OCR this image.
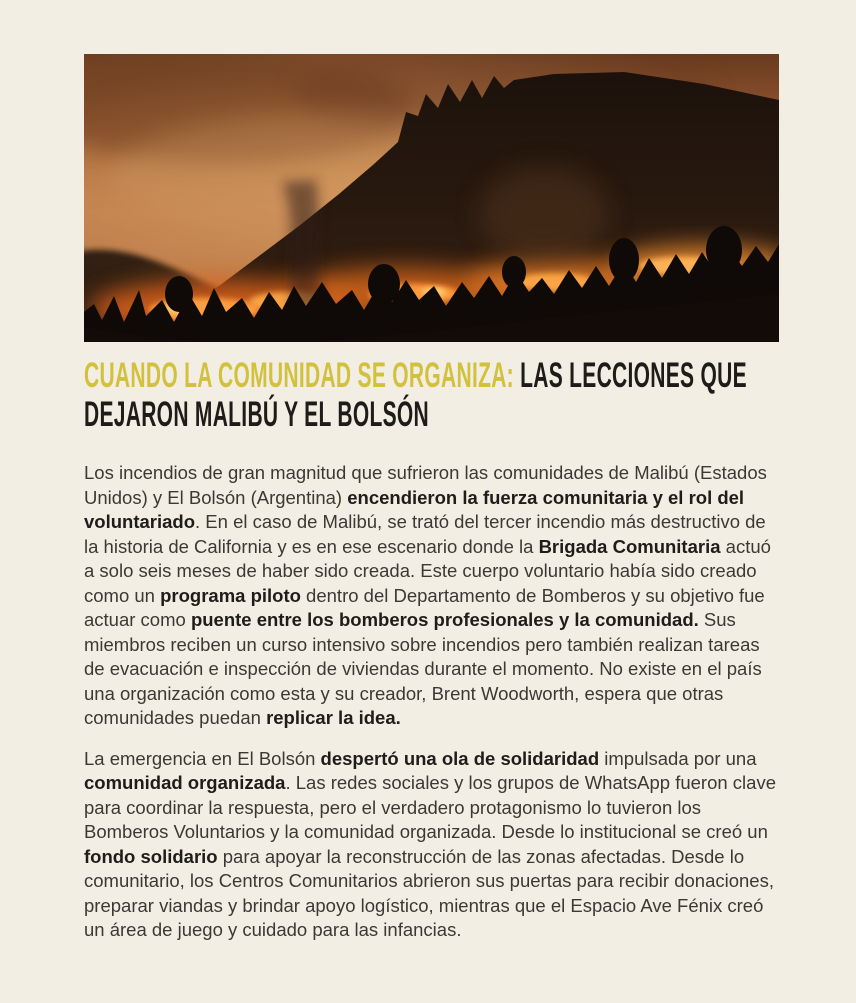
CUANDO LA COMUNIDAD SE ORGANIZA: LAS LECCIONES QUE DEJARON MALIBÚ Y EL BOLSÓN

Los incendios de gran magnitud que sufrieron las comunidades de Malibú (Estados Unidos) y El Bolsón (Argentina) encendieron la fuerza comunitaria y el rol del voluntariado. En el caso de Malibú, se trató del tercer incendio más destructivo de la historia de California y es en ese escenario donde la Brigada Comunitaria actuó a solo seis meses de haber sido creada. Este cuerpo voluntario había sido creado como un programa piloto dentro del Departamento de Bomberos y su objetivo fue actuar como puente entre los bomberos profesionales y la comunidad. Sus miembros reciben un curso intensivo sobre incendios pero también realizan tareas de evacuación e inspección de viviendas durante el momento. No existe en el país una organización como esta y su creador, Brent Woodworth, espera que otras comunidades puedan replicar la idea.

La emergencia en El Bolsón despertó una ola de solidaridad impulsada por una comunidad organizada. Las redes sociales y los grupos de WhatsApp fueron clave para coordinar la respuesta, pero el verdadero protagonismo lo tuvieron los Bomberos Voluntarios y la comunidad organizada. Desde lo institucional se creó un fondo solidario para apoyar la reconstrucción de las zonas afectadas. Desde lo comunitario, los Centros Comunitarios abrieron sus puertas para recibir donaciones, preparar viandas y brindar apoyo logístico, mientras que el Espacio Ave Fénix creó un área de juego y cuidado para las infancias.
